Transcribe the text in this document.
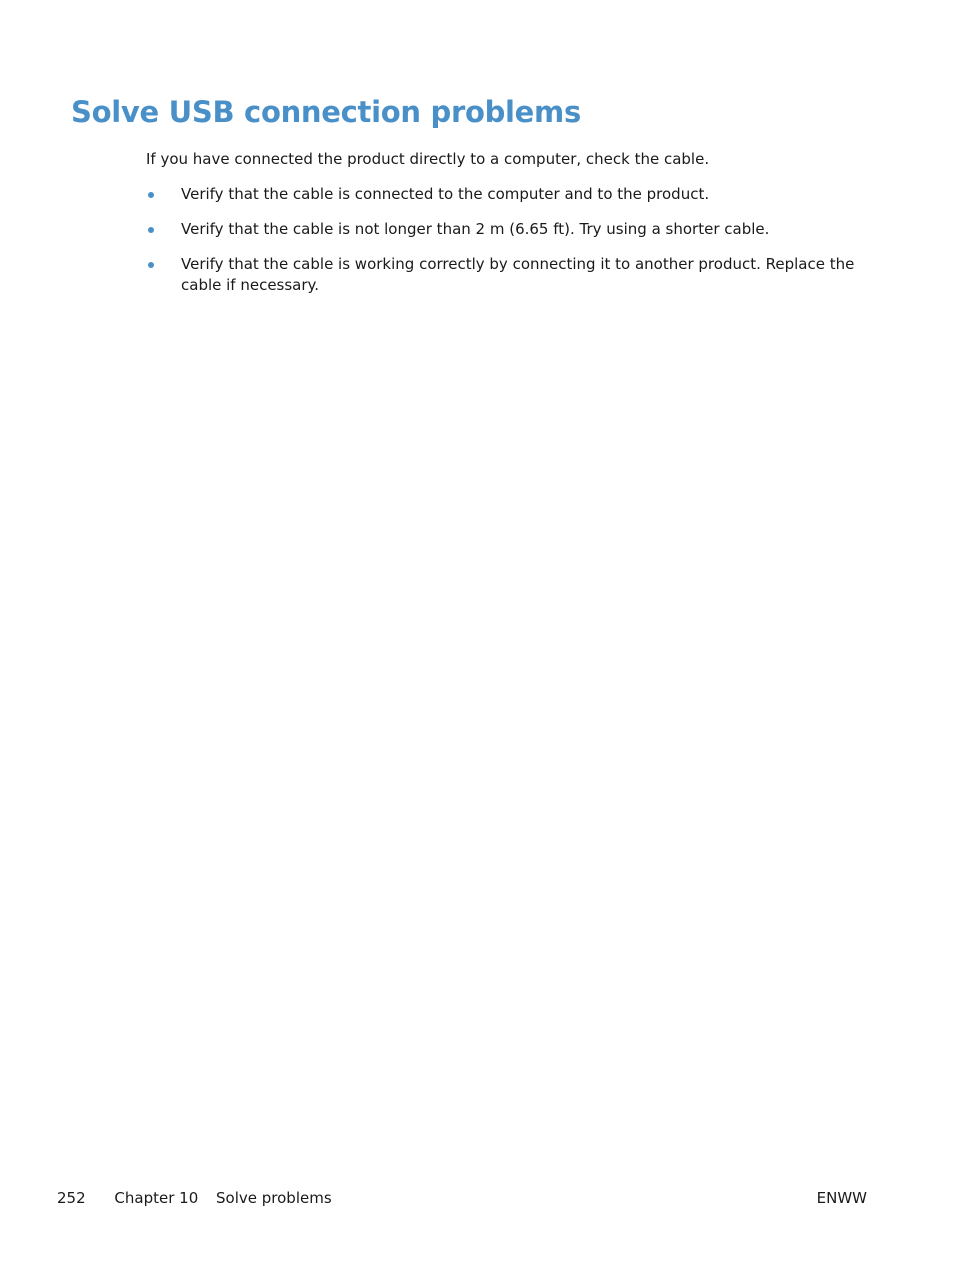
Solve USB connection problems

If you have connected the product directly to a computer, check the cable.

Verify that the cable is connected to the computer and to the product.
Verify that the cable is not longer than 2 m (6.65 ft). Try using a shorter cable.
Verify that the cable is working correctly by connecting it to another product. Replace the cable if necessary.
252 Chapter 10 Solve problems	ENWW
